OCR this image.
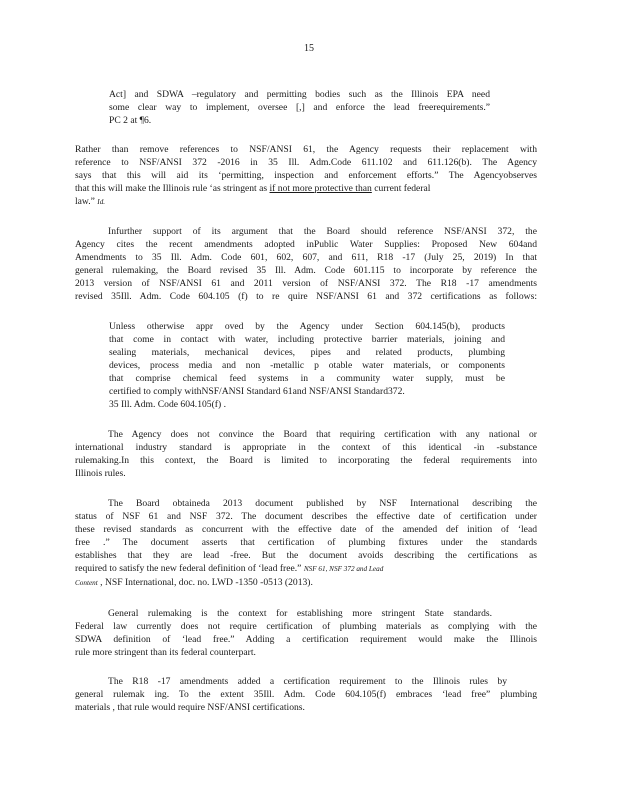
15

Act] and SDWA –regulatory and permitting bodies such as the Illinois EPA need

some clear way to implement, oversee [,] and enforce the lead freerequirements.”

PC 2 at ¶6.

Rather than remove references to NSF/ANSI 61, the Agency requests their replacement with

reference to NSF/ANSI 372 -2016 in 35 Ill. Adm.Code 611.102 and 611.126(b). The Agency

says that this will aid its ‘permitting, inspection and enforcement efforts.” The Agencyobserves

that this will make the Illinois rule ‘as stringent as if not more protective than current federal

law.” Id.

Infurther support of its argument that the Board should reference NSF/ANSI 372, the

Agency cites the recent amendments adopted inPublic Water Supplies: Proposed New 604and

Amendments to 35 Ill. Adm. Code 601, 602, 607, and 611, R18 -17 (July 25, 2019) In that

general rulemaking, the Board revised 35 Ill. Adm. Code 601.115 to incorporate by reference the

2013 version of NSF/ANSI 61 and 2011 version of NSF/ANSI 372. The R18 -17 amendments

revised 35Ill. Adm. Code 604.105 (f) to re quire NSF/ANSI 61 and 372 certifications as follows:

Unless otherwise appr oved by the Agency under Section 604.145(b), products

that come in contact with water, including protective barrier materials, joining and

sealing materials, mechanical devices, pipes and related products, plumbing

devices, process media and non -metallic p otable water materials, or components

that comprise chemical feed systems in a community water supply, must be

certified to comply withNSF/ANSI Standard 61and NSF/ANSI Standard372.

35 Ill. Adm. Code 604.105(f) .

The Agency does not convince the Board that requiring certification with any national or

international industry standard is appropriate in the context of this identical -in -substance

rulemaking.In this context, the Board is limited to incorporating the federal requirements into

Illinois rules.

The Board obtaineda 2013 document published by NSF International describing the

status of NSF 61 and NSF 372. The document describes the effective date of certification under

these revised standards as concurrent with the effective date of the amended def inition of ‘lead

free .” The document asserts that certification of plumbing fixtures under the standards

establishes that they are lead -free. But the document avoids describing the certifications as

required to satisfy the new federal definition of ‘lead free.” NSF 61, NSF 372 and Lead

Content , NSF International, doc. no. LWD -1350 -0513 (2013).

General rulemaking is the context for establishing more stringent State standards.

Federal law currently does not require certification of plumbing materials as complying with the

SDWA definition of ‘lead free.” Adding a certification requirement would make the Illinois

rule more stringent than its federal counterpart.

The R18 -17 amendments added a certification requirement to the Illinois rules by

general rulemak ing. To the extent 35Ill. Adm. Code 604.105(f) embraces ‘lead free” plumbing

materials , that rule would require NSF/ANSI certifications.
